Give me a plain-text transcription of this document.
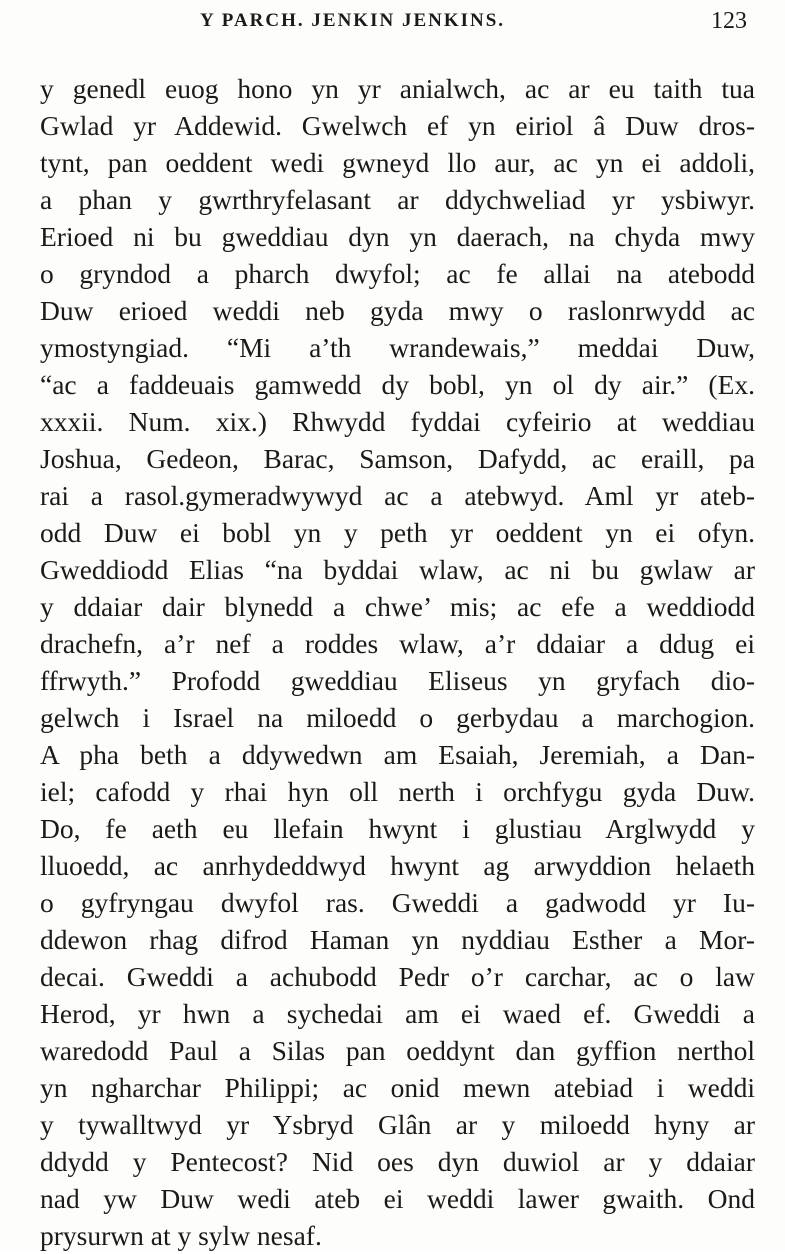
Y PARCH. JENKIN JENKINS.	123
y genedl euog hono yn yr anialwch, ac ar eu taith tua
Gwlad yr Addewid. Gwelwch ef yn eiriol â Duw dros-
tynt, pan oeddent wedi gwneyd llo aur, ac yn ei addoli,
a phan y gwrthryfelasant ar ddychweliad yr ysbiwyr.
Erioed ni bu gweddiau dyn yn daerach, na chyda mwy
o gryndod a pharch dwyfol; ac fe allai na atebodd
Duw erioed weddi neb gyda mwy o raslonrwydd ac
ymostyngiad. “Mi a’th wrandewais,” meddai Duw,
“ac a faddeuais gamwedd dy bobl, yn ol dy air.” (Ex.
xxxii. Num. xix.) Rhwydd fyddai cyfeirio at weddiau
Joshua, Gedeon, Barac, Samson, Dafydd, ac eraill, pa
rai a rasol.gymeradwywyd ac a atebwyd. Aml yr ateb-
odd Duw ei bobl yn y peth yr oeddent yn ei ofyn.
Gweddiodd Elias “na byddai wlaw, ac ni bu gwlaw ar
y ddaiar dair blynedd a chwe’ mis; ac efe a weddiodd
drachefn, a’r nef a roddes wlaw, a’r ddaiar a ddug ei
ffrwyth.” Profodd gweddiau Eliseus yn gryfach dio-
gelwch i Israel na miloedd o gerbydau a marchogion.
A pha beth a ddywedwn am Esaiah, Jeremiah, a Dan-
iel; cafodd y rhai hyn oll nerth i orchfygu gyda Duw.
Do, fe aeth eu llefain hwynt i glustiau Arglwydd y
lluoedd, ac anrhydeddwyd hwynt ag arwyddion helaeth
o gyfryngau dwyfol ras. Gweddi a gadwodd yr Iu-
ddewon rhag difrod Haman yn nyddiau Esther a Mor-
decai. Gweddi a achubodd Pedr o’r carchar, ac o law
Herod, yr hwn a sychedai am ei waed ef. Gweddi a
waredodd Paul a Silas pan oeddynt dan gyffion nerthol
yn ngharchar Philippi; ac onid mewn atebiad i weddi
y tywalltwyd yr Ysbryd Glân ar y miloedd hyny ar
ddydd y Pentecost? Nid oes dyn duwiol ar y ddaiar
nad yw Duw wedi ateb ei weddi lawer gwaith. Ond
prysurwn at y sylw nesaf.
